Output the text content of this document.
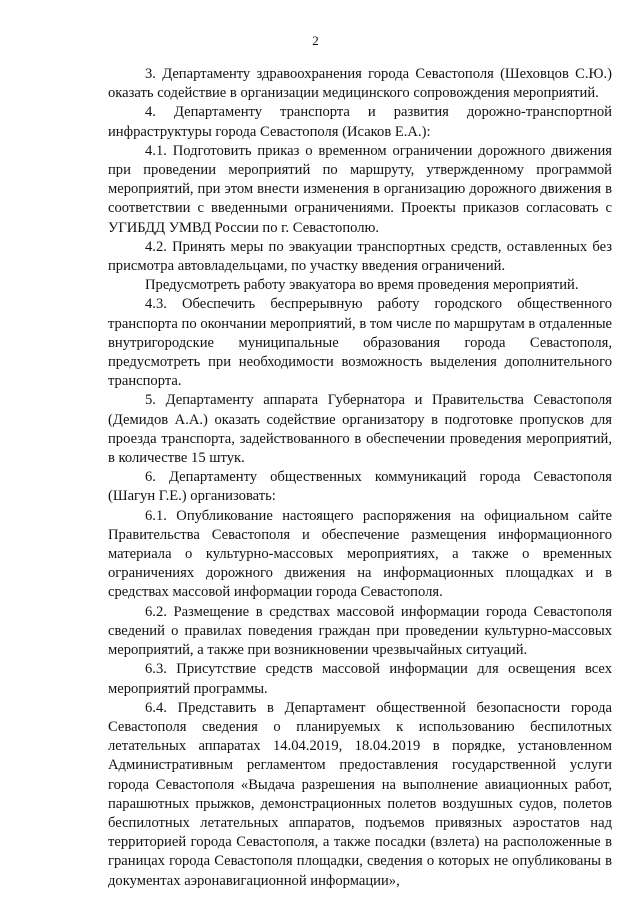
2

3. Департаменту здравоохранения города Севастополя (Шеховцов С.Ю.) оказать содействие в организации медицинского сопровождения мероприятий.

4. Департаменту транспорта и развития дорожно-транспортной инфраструктуры города Севастополя (Исаков Е.А.):

4.1. Подготовить приказ о временном ограничении дорожного движения при проведении мероприятий по маршруту, утвержденному программой мероприятий, при этом внести изменения в организацию дорожного движения в соответствии с введенными ограничениями. Проекты приказов согласовать с УГИБДД УМВД России по г. Севастополю.

4.2. Принять меры по эвакуации транспортных средств, оставленных без присмотра автовладельцами, по участку введения ограничений.

Предусмотреть работу эвакуатора во время проведения мероприятий.

4.3. Обеспечить беспрерывную работу городского общественного транспорта по окончании мероприятий, в том числе по маршрутам в отдаленные внутригородские муниципальные образования города Севастополя, предусмотреть при необходимости возможность выделения дополнительного транспорта.

5. Департаменту аппарата Губернатора и Правительства Севастополя (Демидов А.А.) оказать содействие организатору в подготовке пропусков для проезда транспорта, задействованного в обеспечении проведения мероприятий, в количестве 15 штук.

6. Департаменту общественных коммуникаций города Севастополя (Шагун Г.Е.) организовать:

6.1. Опубликование настоящего распоряжения на официальном сайте Правительства Севастополя и обеспечение размещения информационного материала о культурно-массовых мероприятиях, а также о временных ограничениях дорожного движения на информационных площадках и в средствах массовой информации города Севастополя.

6.2. Размещение в средствах массовой информации города Севастополя сведений о правилах поведения граждан при проведении культурно-массовых мероприятий, а также при возникновении чрезвычайных ситуаций.

6.3. Присутствие средств массовой информации для освещения всех мероприятий программы.

6.4. Представить в Департамент общественной безопасности города Севастополя сведения о планируемых к использованию беспилотных летательных аппаратах 14.04.2019, 18.04.2019 в порядке, установленном Административным регламентом предоставления государственной услуги города Севастополя «Выдача разрешения на выполнение авиационных работ, парашютных прыжков, демонстрационных полетов воздушных судов, полетов беспилотных летательных аппаратов, подъемов привязных аэростатов над территорией города Севастополя, а также посадки (взлета) на расположенные в границах города Севастополя площадки, сведения о которых не опубликованы в документах аэронавигационной информации»,
